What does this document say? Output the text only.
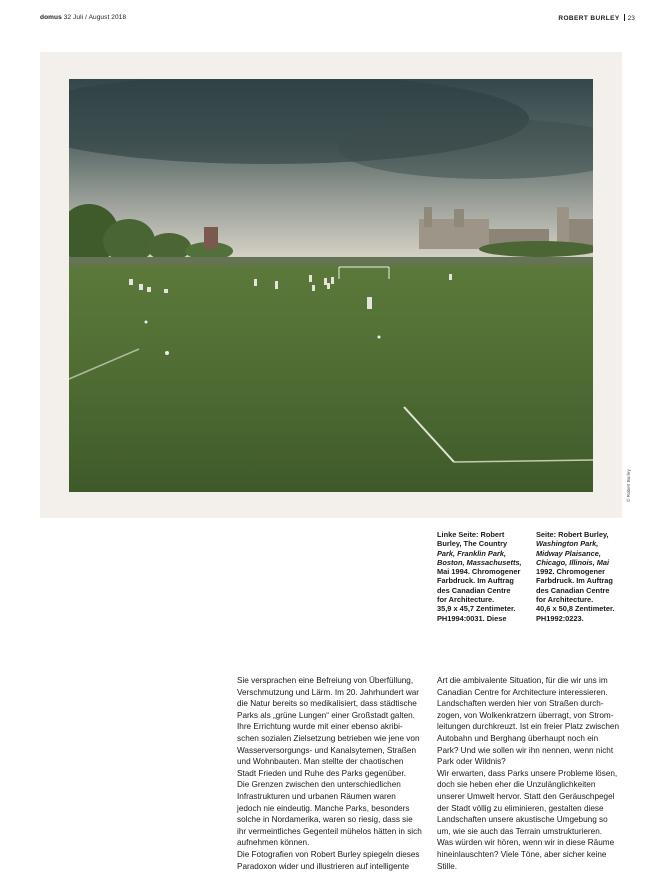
domus 32 Juli / August 2018	ROBERT BURLEY 23
© Robert Burley
Linke Seite: Robert
Burley, The Country
Park, Franklin Park,
Boston, Massachusetts,
Mai 1994. Chromogener
Farbdruck. Im Auftrag
des Canadian Centre
for Architecture.
35,9 x 45,7 Zentimeter.
PH1994:0031. Diese
Seite: Robert Burley,
Washington Park,
Midway Plaisance,
Chicago, Illinois, Mai
1992. Chromogener
Farbdruck. Im Auftrag
des Canadian Centre
for Architecture.
40,6 x 50,8 Zentimeter.
PH1992:0223.
Sie versprachen eine Befreiung von Überfüllung,
Verschmutzung und Lärm. Im 20. Jahrhundert war
die Natur bereits so medikalisiert, dass städtische
Parks als „grüne Lungen“ einer Großstadt galten.
Ihre Errichtung wurde mit einer ebenso akribi-
schen sozialen Zielsetzung betrieben wie jene von
Wasserversorgungs- und Kanalsytemen, Straßen
und Wohnbauten. Man stellte der chaotischen
Stadt Frieden und Ruhe des Parks gegenüber.
Die Grenzen zwischen den unterschiedlichen
Infrastrukturen und urbanen Räumen waren
jedoch nie eindeutig. Manche Parks, besonders
solche in Nordamerika, waren so riesig, dass sie
ihr vermeintliches Gegenteil mühelos hätten in sich
aufnehmen können.
Die Fotografien von Robert Burley spiegeln dieses
Paradoxon wider und illustrieren auf intelligente
Art die ambivalente Situation, für die wir uns im
Canadian Centre for Architecture interessieren.
Landschaften werden hier von Straßen durch-
zogen, von Wolkenkratzern überragt, von Strom-
leitungen durchkreuzt. Ist ein freier Platz zwischen
Autobahn und Berghang überhaupt noch ein
Park? Und wie sollen wir ihn nennen, wenn nicht
Park oder Wildnis?
Wir erwarten, dass Parks unsere Probleme lösen,
doch sie heben eher die Unzulänglichkeiten
unserer Umwelt hervor. Statt den Geräuschpegel
der Stadt völlig zu eliminieren, gestalten diese
Landschaften unsere akustische Umgebung so
um, wie sie auch das Terrain umstrukturieren.
Was würden wir hören, wenn wir in diese Räume
hineinlauschten? Viele Töne, aber sicher keine
Stille.
